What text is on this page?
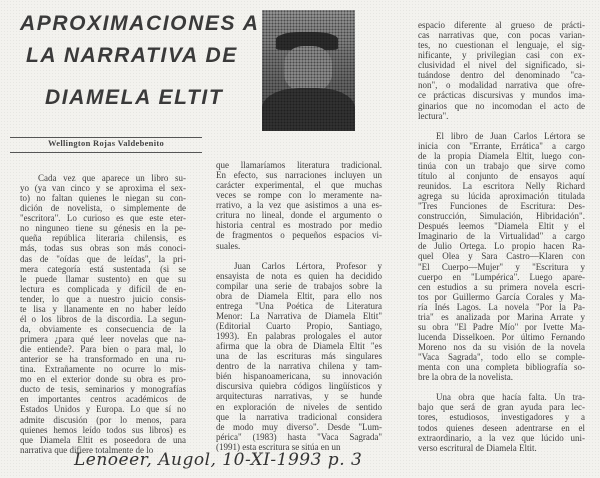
APROXIMACIONES A
LA NARRATIVA DE
DIAMELA ELTIT
Wellington Rojas Valdebenito
Cada vez que aparece un libro su-
yo (ya van cinco y se aproxima el sex-
to) no faltan quienes le niegan su con-
dición de novelista, o simplemente de
"escritora". Lo curioso es que este eter-
no ninguneo tiene su génesis en la pe-
queña república literaria chilensis, es
más, todas sus obras son más conoci-
das de "oídas que de leídas", la pri-
mera categoría está sustentada (si se
le puede llamar sustento) en que su
lectura es complicada y difícil de en-
tender, lo que a nuestro juicio consis-
te lisa y llanamente en no haber leído
él o los libros de la discordia. La segun-
da, obviamente es consecuencia de la
primera ¿para qué leer novelas que na-
die entiende?. Para bien o para mal, lo
anterior se ha transformado en una ru-
tina. Extrañamente no ocurre lo mis-
mo en el exterior donde su obra es pro-
ducto de tesis, seminarios y monografías
en importantes centros académicos de
Estados Unidos y Europa. Lo que sí no
admite discusión (por lo menos, para
quienes hemos leído todos sus libros) es
que Diamela Eltit es poseedora de una
narrativa que difiere totalmente de lo
que llamaríamos literatura tradicional.
En efecto, sus narraciones incluyen un
carácter experimental, el que muchas
veces se rompe con lo meramente na-
rrativo, a la vez que asistimos a una es-
critura no lineal, donde el argumento o
historia central es mostrado por medio
de fragmentos o pequeños espacios vi-
suales.
Juan Carlos Lértora, Profesor y
ensayista de nota es quien ha decidido
compilar una serie de trabajos sobre la
obra de Diamela Eltit, para ello nos
entrega "Una Poética de Literatura
Menor: La Narrativa de Diamela Eltit"
(Editorial Cuarto Propio, Santiago,
1993). En palabras prologales el autor
afirma que la obra de Diamela Eltit "es
una de las escrituras más singulares
dentro de la narrativa chilena y tam-
bién hispanoamericana, su innovación
discursiva quiebra códigos lingüísticos y
arquitecturas narrativas, y se hunde
en exploración de niveles de sentido
que la narrativa tradicional considera
de modo muy diverso". Desde "Lum-
périca" (1983) hasta "Vaca Sagrada"
(1991) esta escritura se sitúa en un
espacio diferente al grueso de prácti-
cas narrativas que, con pocas varian-
tes, no cuestionan el lenguaje, el sig-
nificante, y privilegian casi con ex-
clusividad el nivel del significado, si-
tuándose dentro del denominado "ca-
non", o modalidad narrativa que ofre-
ce prácticas discursivas y mundos ima-
ginarios que no incomodan el acto de
lectura".
El libro de Juan Carlos Lértora se
inicia con "Errante, Errática" a cargo
de la propia Diamela Eltit, luego con-
tinúa con un trabajo que sirve como
título al conjunto de ensayos aquí
reunidos. La escritora Nelly Richard
agrega su lúcida aproximación titulada
"Tres Funciones de Escritura: Des-
construcción, Simulación, Hibridación".
Después leemos "Diamela Eltit y el
Imaginario de la Virtualidad" a cargo
de Julio Ortega. Lo propio hacen Ra-
quel Olea y Sara Castro—Klaren con
"El Cuerpo—Mujer" y "Escritura y
cuerpo en "Lumpérica". Luego apare-
cen estudios a su primera novela escri-
tos por Guillermo García Corales y Ma-
ría Inés Lagos. La novela "Por la Pa-
tria" es analizada por Marina Arrate y
su obra "El Padre Mío" por Ivette Ma-
lucenda Disselkoen. Por último Fernando
Moreno nos da su visión de la novela
"Vaca Sagrada", todo ello se comple-
menta con una completa bibliografía so-
bre la obra de la novelista.
Una obra que hacía falta. Un tra-
bajo que será de gran ayuda para lec-
tores, estudiosos, investigadores y a
todos quienes deseen adentrarse en el
extraordinario, a la vez que lúcido uni-
verso escritural de Diamela Eltit.
Lenoeer, Augol, 10-XI-1993 p. 3
